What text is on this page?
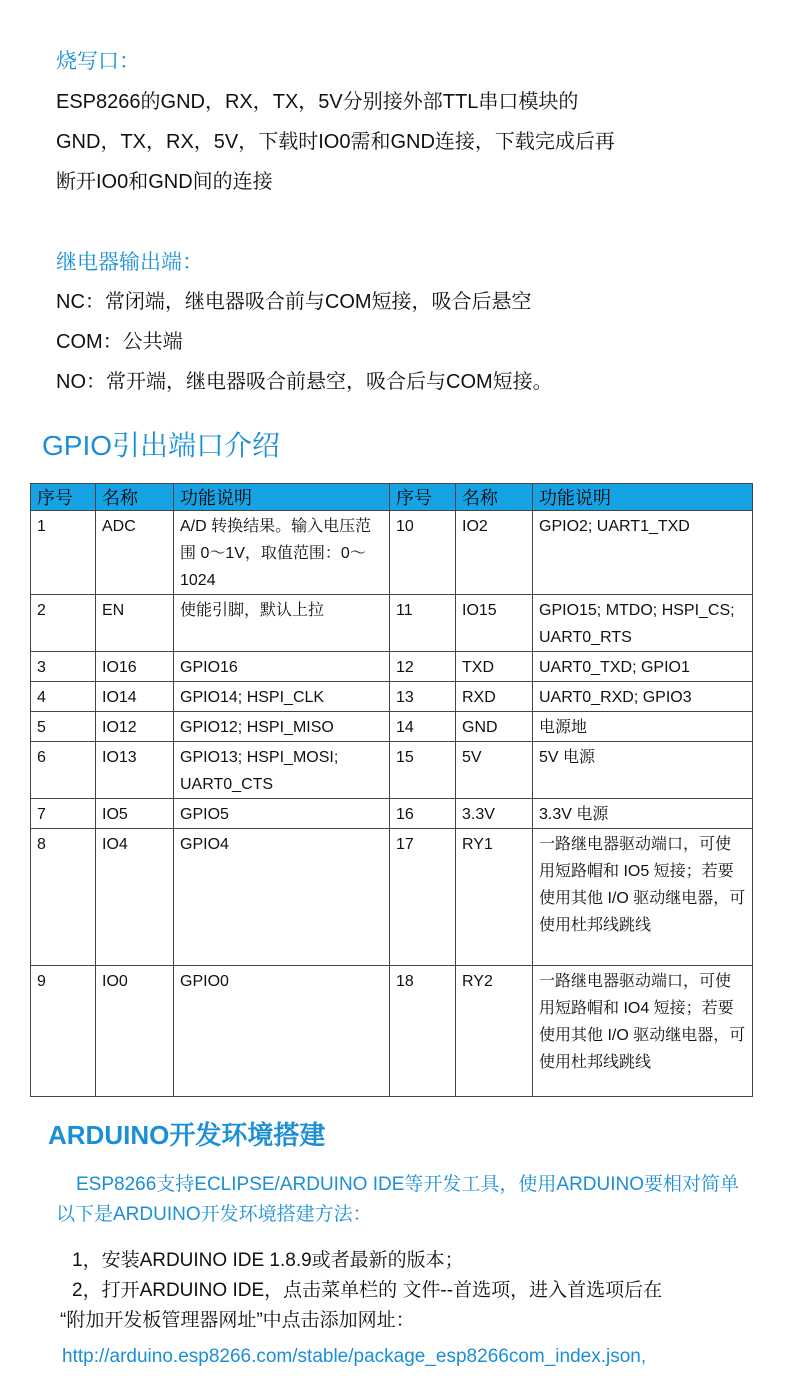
烧写口：

ESP8266的GND，RX，TX，5V分别接外部TTL串口模块的

GND，TX，RX，5V，下载时IO0需和GND连接，下载完成后再

断开IO0和GND间的连接

继电器输出端：

NC：常闭端，继电器吸合前与COM短接，吸合后悬空

COM：公共端

NO：常开端，继电器吸合前悬空，吸合后与COM短接。

GPIO引出端口介绍

序号	名称	功能说明	序号	名称	功能说明
1	ADC	A/D 转换结果。输入电压范围 0～1V，取值范围：0～1024	10	IO2	GPIO2; UART1_TXD
2	EN	使能引脚，默认上拉	11	IO15	GPIO15; MTDO; HSPI_CS; UART0_RTS
3	IO16	GPIO16	12	TXD	UART0_TXD; GPIO1
4	IO14	GPIO14; HSPI_CLK	13	RXD	UART0_RXD; GPIO3
5	IO12	GPIO12; HSPI_MISO	14	GND	电源地
6	IO13	GPIO13; HSPI_MOSI; UART0_CTS	15	5V	5V 电源
7	IO5	GPIO5	16	3.3V	3.3V 电源
8	IO4	GPIO4	17	RY1	一路继电器驱动端口，可使用短路帽和 IO5 短接；若要使用其他 I/O 驱动继电器，可使用杜邦线跳线
9	IO0	GPIO0	18	RY2	一路继电器驱动端口，可使用短路帽和 IO4 短接；若要使用其他 I/O 驱动继电器，可使用杜邦线跳线

ARDUINO开发环境搭建

ESP8266支持ECLIPSE/ARDUINO IDE等开发工具，使用ARDUINO要相对简单

以下是ARDUINO开发环境搭建方法：

1，安装ARDUINO IDE 1.8.9或者最新的版本；

2，打开ARDUINO IDE，点击菜单栏的 文件--首选项，进入首选项后在

“附加开发板管理器网址”中点击添加网址：

http://arduino.esp8266.com/stable/package_esp8266com_index.json,
